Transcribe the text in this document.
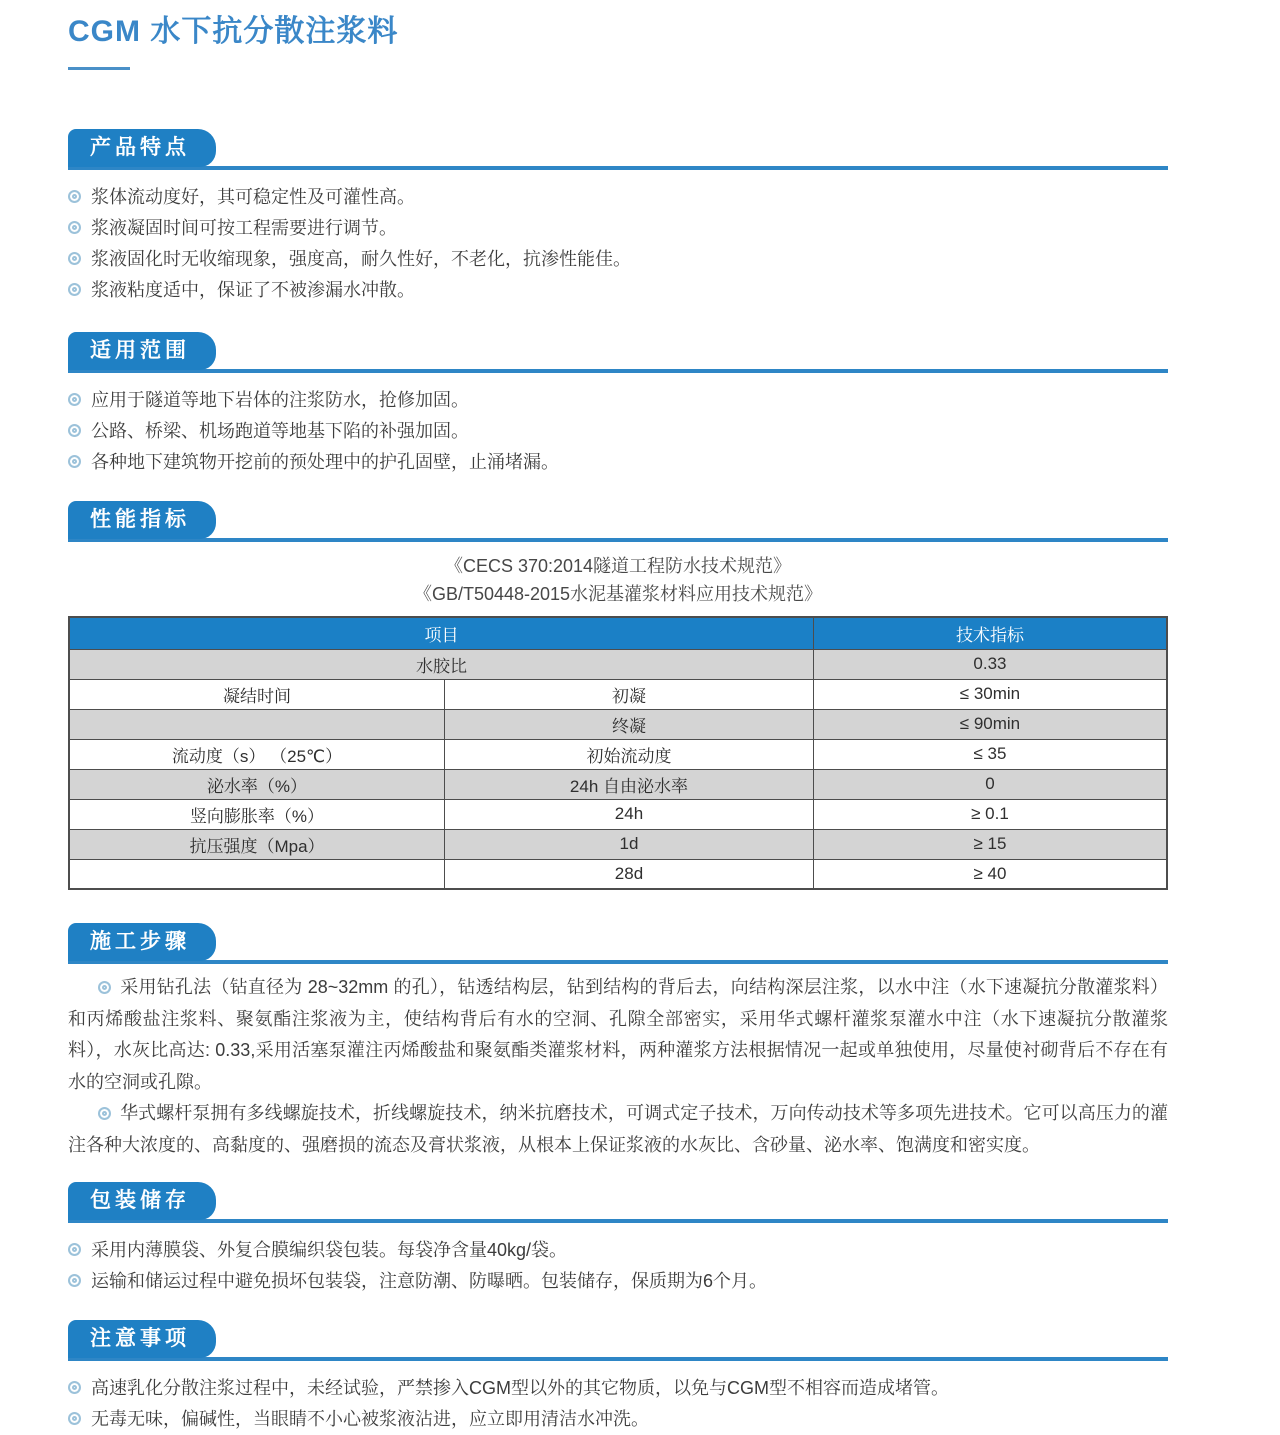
CGM 水下抗分散注浆料
产品特点
浆体流动度好，其可稳定性及可灌性高。
浆液凝固时间可按工程需要进行调节。
浆液固化时无收缩现象，强度高，耐久性好，不老化，抗渗性能佳。
浆液粘度适中，保证了不被渗漏水冲散。
适用范围
应用于隧道等地下岩体的注浆防水，抢修加固。
公路、桥梁、机场跑道等地基下陷的补强加固。
各种地下建筑物开挖前的预处理中的护孔固壁，止涌堵漏。
性能指标
《CECS 370:2014隧道工程防水技术规范》
《GB/T50448-2015水泥基灌浆材料应用技术规范》
项目		技术指标
水胶比		0.33
凝结时间	初凝	≤ 30min
	终凝	≤ 90min
流动度（s） （25℃）	初始流动度	≤ 35
泌水率（%）	24h 自由泌水率	0
竖向膨胀率（%）	24h	≥ 0.1
抗压强度（Mpa）	1d	≥ 15
	28d	≥ 40
施工步骤

采用钻孔法（钻直径为 28~32mm 的孔），钻透结构层，钻到结构的背后去，向结构深层注浆，以水中注（水下速凝抗分散灌浆料）和丙烯酸盐注浆料、聚氨酯注浆液为主，使结构背后有水的空洞、孔隙全部密实，采用华式螺杆灌浆泵灌水中注（水下速凝抗分散灌浆料），水灰比高达: 0.33,采用活塞泵灌注丙烯酸盐和聚氨酯类灌浆材料，两种灌浆方法根据情况一起或单独使用，尽量使衬砌背后不存在有水的空洞或孔隙。

华式螺杆泵拥有多线螺旋技术，折线螺旋技术，纳米抗磨技术，可调式定子技术，万向传动技术等多项先进技术。它可以高压力的灌注各种大浓度的、高黏度的、强磨损的流态及膏状浆液，从根本上保证浆液的水灰比、含砂量、泌水率、饱满度和密实度。

包装储存
采用内薄膜袋、外复合膜编织袋包装。每袋净含量40kg/袋。
运输和储运过程中避免损坏包装袋，注意防潮、防曝晒。包装储存，保质期为6个月。
注意事项
高速乳化分散注浆过程中，未经试验，严禁掺入CGM型以外的其它物质，以免与CGM型不相容而造成堵管。
无毒无味，偏碱性，当眼睛不小心被浆液沾进，应立即用清洁水冲洗。
